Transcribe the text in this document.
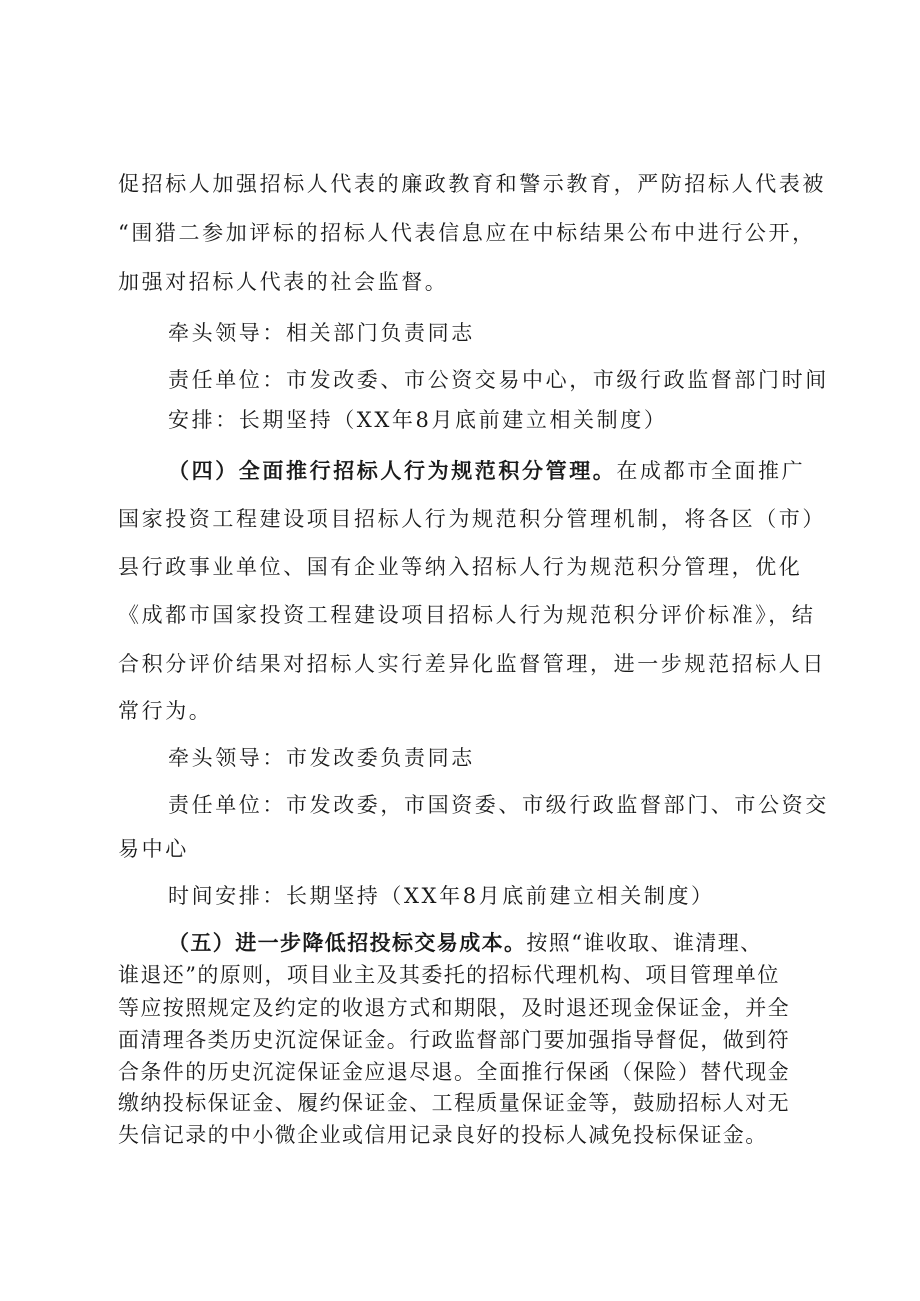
促招标人加强招标人代表的廉政教育和警示教育，严防招标人代表被
“围猎二参加评标的招标人代表信息应在中标结果公布中进行公开，
加强对招标人代表的社会监督。
牵头领导：相关部门负责同志
责任单位：市发改委、市公资交易中心，市级行政监督部门时间
安排：长期坚持（XX年8月底前建立相关制度）
（四）全面推行招标人行为规范积分管理。在成都市全面推广
国家投资工程建设项目招标人行为规范积分管理机制，将各区（市）
县行政事业单位、国有企业等纳入招标人行为规范积分管理，优化
《成都市国家投资工程建设项目招标人行为规范积分评价标准》，结
合积分评价结果对招标人实行差异化监督管理，进一步规范招标人日
常行为。
牵头领导：市发改委负责同志
责任单位：市发改委，市国资委、市级行政监督部门、市公资交
易中心
时间安排：长期坚持（XX年8月底前建立相关制度）
（五）进一步降低招投标交易成本。按照“谁收取、谁清理、
谁退还”的原则，项目业主及其委托的招标代理机构、项目管理单位
等应按照规定及约定的收退方式和期限，及时退还现金保证金，并全
面清理各类历史沉淀保证金。行政监督部门要加强指导督促，做到符
合条件的历史沉淀保证金应退尽退。全面推行保函（保险）替代现金
缴纳投标保证金、履约保证金、工程质量保证金等，鼓励招标人对无
失信记录的中小微企业或信用记录良好的投标人减免投标保证金。
